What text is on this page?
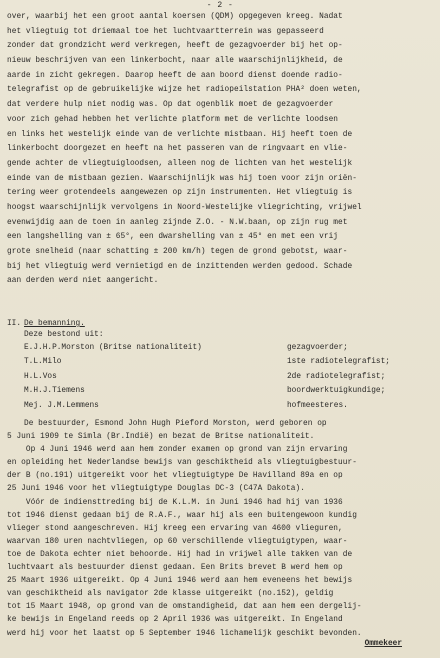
- 2 -
over, waarbij het een groot aantal koersen (QDM) opgegeven kreeg. Nadat
het vliegtuig tot driemaal toe het luchtvaartterrein was gepasseerd
zonder dat grondzicht werd verkregen, heeft de gezagvoerder bij het op-
nieuw beschrijven van een linkerbocht, naar alle waarschijnlijkheid, de
aarde in zicht gekregen. Daarop heeft de aan boord dienst doende radio-
telegrafist op de gebruikelijke wijze het radiopeilstation PHA² doen weten,
dat verdere hulp niet nodig was. Op dat ogenblik moet de gezagvoerder
voor zich gehad hebben het verlichte platform met de verlichte loodsen
en links het westelijk einde van de verlichte mistbaan. Hij heeft toen de
linkerbocht doorgezet en heeft na het passeren van de ringvaart en vlie-
gende achter de vliegtuigloodsen, alleen nog de lichten van het westelijk
einde van de mistbaan gezien. Waarschijnlijk was hij toen voor zijn oriën-
tering weer grotendeels aangewezen op zijn instrumenten. Het vliegtuig is
hoogst waarschijnlijk vervolgens in Noord-Westelijke vliegrichting, vrijwel
evenwijdig aan de toen in aanleg zijnde Z.O. - N.W.baan, op zijn rug met
een langshelling van ± 65°, een dwarshelling van ± 45° en met een vrij
grote snelheid (naar schatting ± 200 km/h) tegen de grond gebotst, waar-
bij het vliegtuig werd vernietigd en de inzittenden werden gedood. Schade
aan derden werd niet aangericht.
II. De bemanning.
Deze bestond uit:
E.J.H.P.Morston (Britse nationaliteit)	gezagvoerder;
T.L.Milo	1ste radiotelegrafist;
H.L.Vos	2de radiotelegrafist;
M.H.J.Tiemens	boordwerktuigkundige;
Mej. J.M.Lemmens	hofmeesteres.
De bestuurder, Esmond John Hugh Pieford Morston, werd geboren op
5 Juni 1909 te Simla (Br.Indië) en bezat de Britse nationaliteit.
Op 4 Juni 1946 werd aan hem zonder examen op grond van zijn ervaring
en opleiding het Nederlandse bewijs van geschiktheid als vliegtuigbestuur-
der B (no.191) uitgereikt voor het vliegtuigtype De Havilland 89a en op
25 Juni 1946 voor het vliegtuigtype Douglas DC-3 (C47A Dakota).
Vóór de indiensttreding bij de K.L.M. in Juni 1946 had hij van 1936
tot 1946 dienst gedaan bij de R.A.F., waar hij als een buitengewoon kundig
vlieger stond aangeschreven. Hij kreeg een ervaring van 4600 vlieguren,
waarvan 180 uren nachtvliegen, op 60 verschillende vliegtuigtypen, waar-
toe de Dakota echter niet behoorde. Hij had in vrijwel alle takken van de
luchtvaart als bestuurder dienst gedaan. Een Brits brevet B werd hem op
25 Maart 1936 uitgereikt. Op 4 Juni 1946 werd aan hem eveneens het bewijs
van geschiktheid als navigator 2de klasse uitgereikt (no.152), geldig
tot 15 Maart 1948, op grond van de omstandigheid, dat aan hem een dergelij-
ke bewijs in Engeland reeds op 2 April 1936 was uitgereikt. In Engeland
werd hij voor het laatst op 5 September 1946 lichamelijk geschikt bevonden.
Ommekeer
